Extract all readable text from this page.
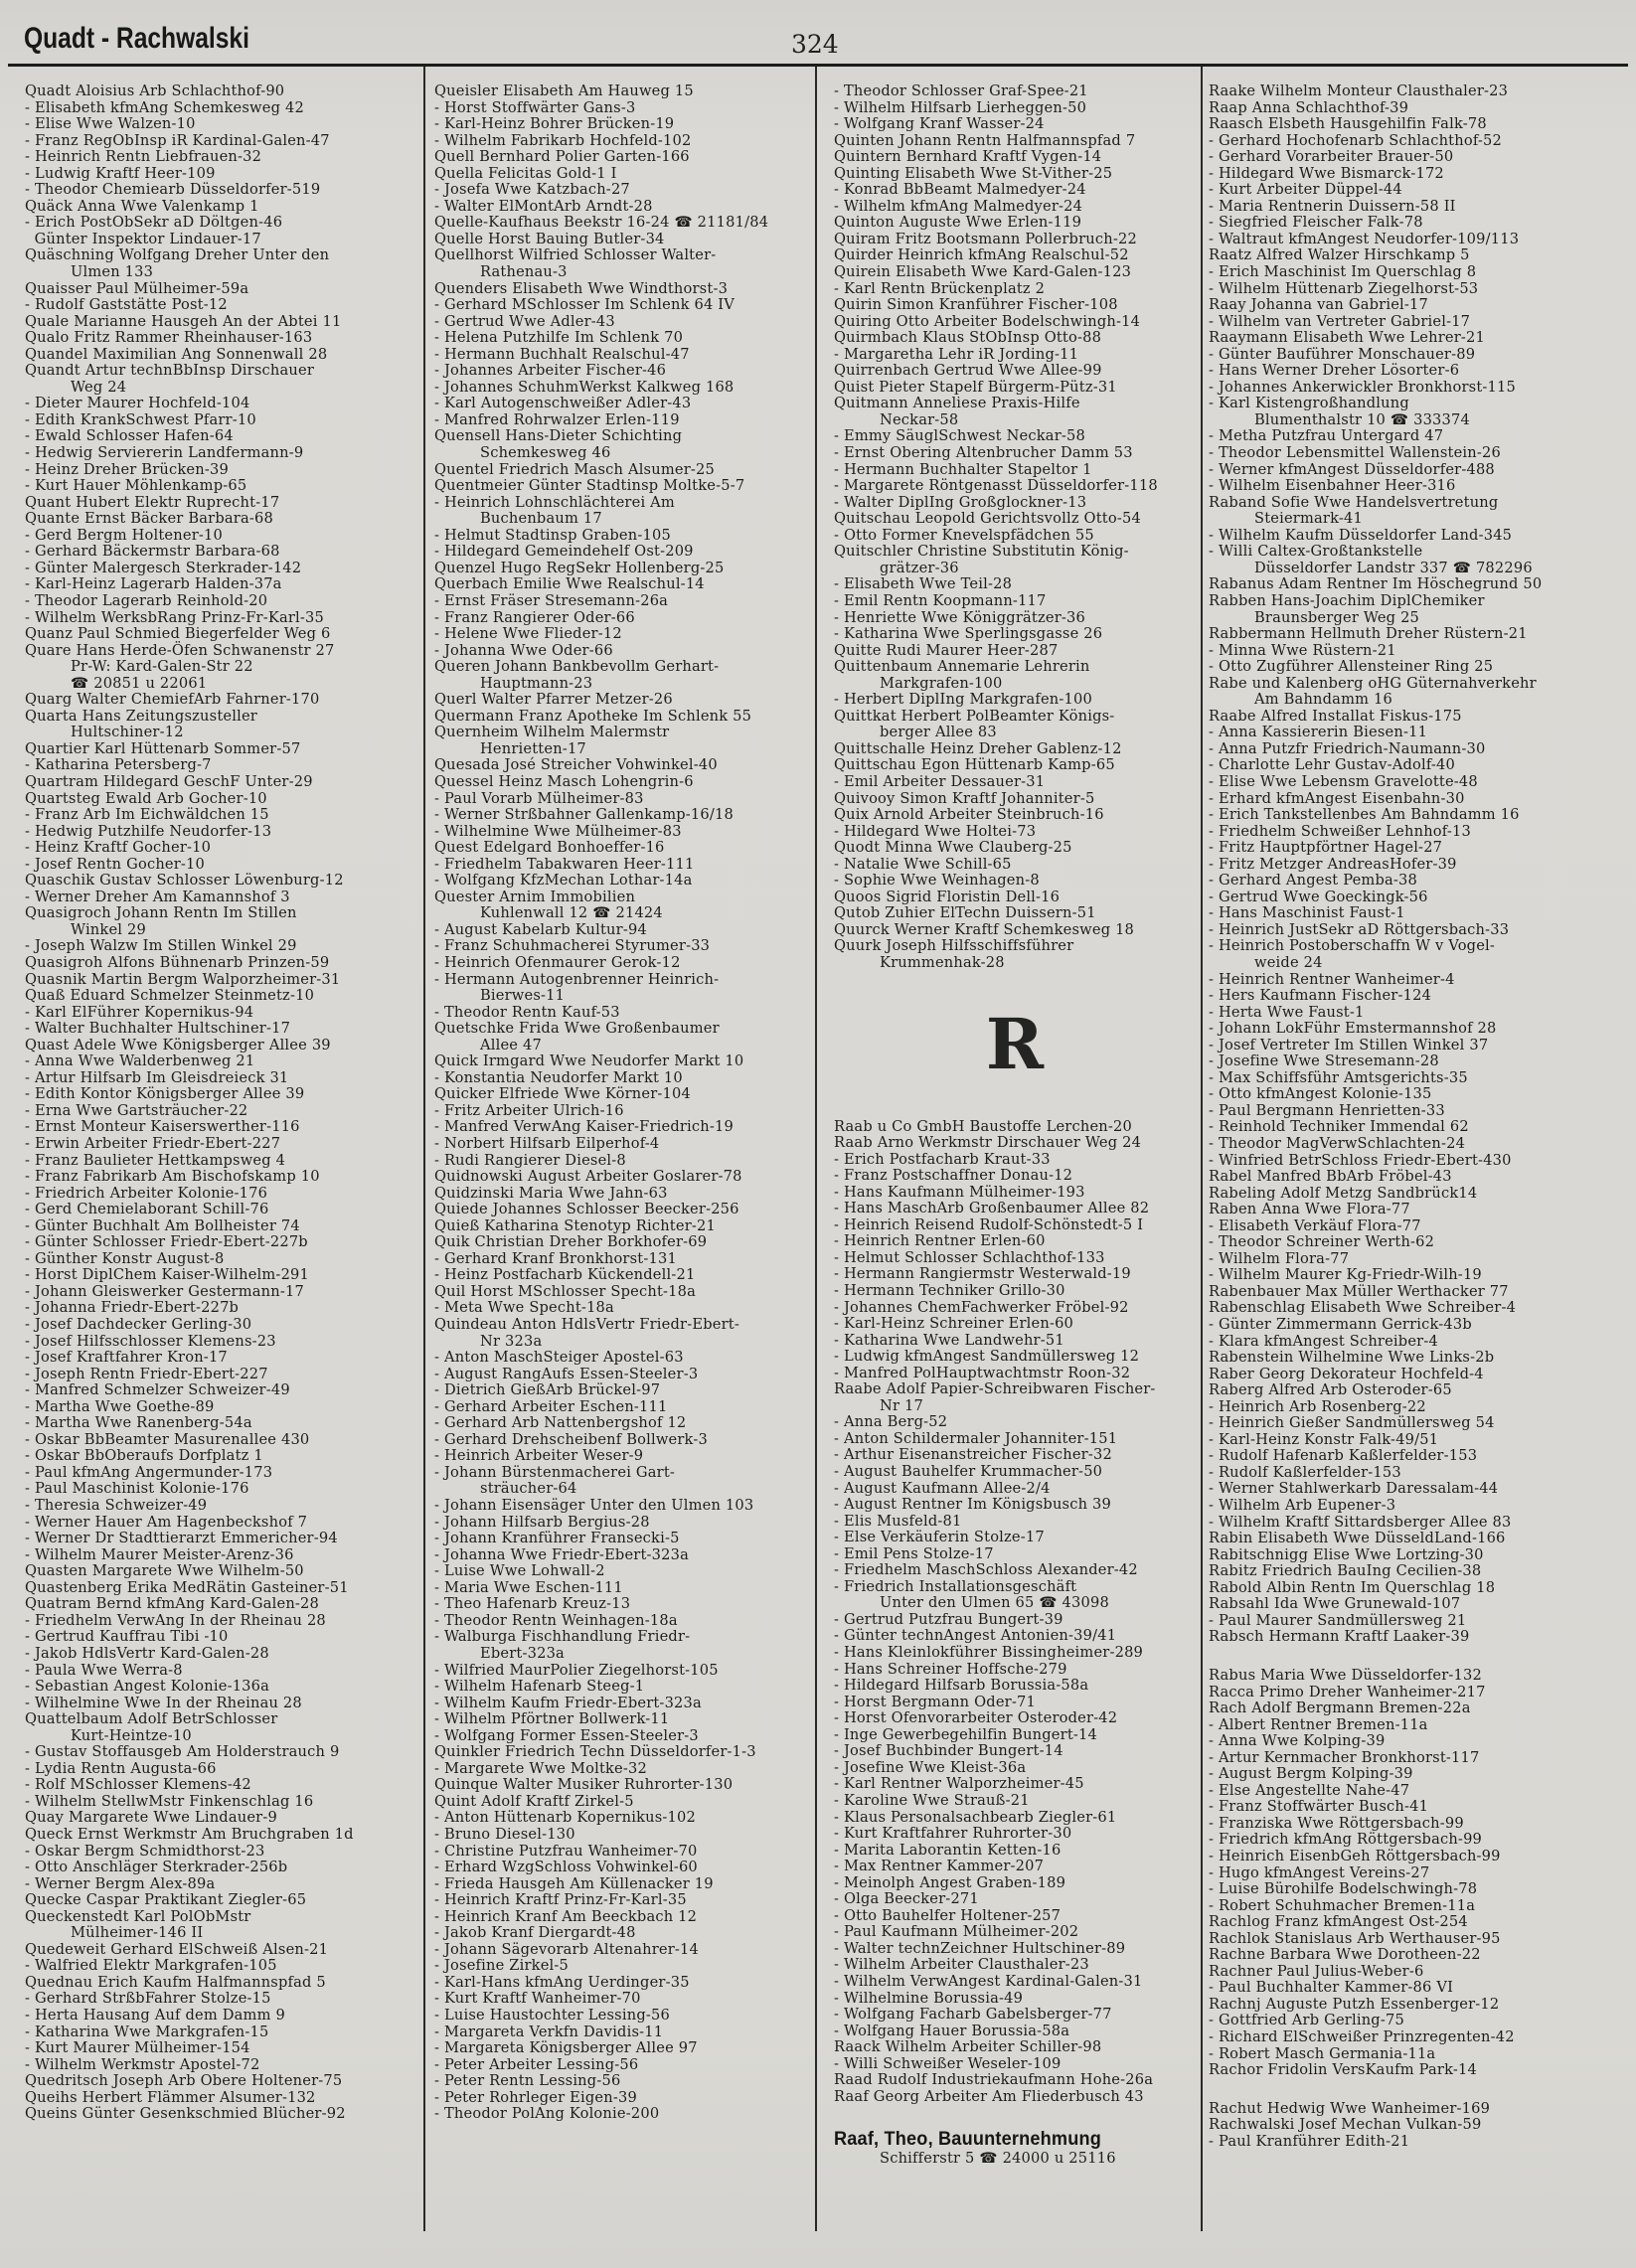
Quadt - Rachwalski	324
Quadt Aloisius Arb Schlachthof-90
- Elisabeth kfmAng Schemkesweg 42
- Elise Wwe Walzen-10
- Franz RegObInsp iR Kardinal-Galen-47
- Heinrich Rentn Liebfrauen-32
- Ludwig Kraftf Heer-109
- Theodor Chemiearb Düsseldorfer-519
Quäck Anna Wwe Valenkamp 1
- Erich PostObSekr aD Döltgen-46
Günter Inspektor Lindauer-17
Quäschning Wolfgang Dreher Unter den
Ulmen 133
Quaisser Paul Mülheimer-59a
- Rudolf Gaststätte Post-12
Quale Marianne Hausgeh An der Abtei 11
Qualo Fritz Rammer Rheinhauser-163
Quandel Maximilian Ang Sonnenwall 28
Quandt Artur technBbInsp Dirschauer
Weg 24
- Dieter Maurer Hochfeld-104
- Edith KrankSchwest Pfarr-10
- Ewald Schlosser Hafen-64
- Hedwig Serviererin Landfermann-9
- Heinz Dreher Brücken-39
- Kurt Hauer Möhlenkamp-65
Quant Hubert Elektr Ruprecht-17
Quante Ernst Bäcker Barbara-68
- Gerd Bergm Holtener-10
- Gerhard Bäckermstr Barbara-68
- Günter Malergesch Sterkrader-142
- Karl-Heinz Lagerarb Halden-37a
- Theodor Lagerarb Reinhold-20
- Wilhelm WerksbRang Prinz-Fr-Karl-35
Quanz Paul Schmied Biegerfelder Weg 6
Quare Hans Herde-Öfen Schwanenstr 27
Pr-W: Kard-Galen-Str 22
☎ 20851 u 22061
Quarg Walter ChemiefArb Fahrner-170
Quarta Hans Zeitungszusteller
Hultschiner-12
Quartier Karl Hüttenarb Sommer-57
- Katharina Petersberg-7
Quartram Hildegard GeschF Unter-29
Quartsteg Ewald Arb Gocher-10
- Franz Arb Im Eichwäldchen 15
- Hedwig Putzhilfe Neudorfer-13
- Heinz Kraftf Gocher-10
- Josef Rentn Gocher-10
Quaschik Gustav Schlosser Löwenburg-12
- Werner Dreher Am Kamannshof 3
Quasigroch Johann Rentn Im Stillen
Winkel 29
- Joseph Walzw Im Stillen Winkel 29
Quasigroh Alfons Bühnenarb Prinzen-59
Quasnik Martin Bergm Walporzheimer-31
Quaß Eduard Schmelzer Steinmetz-10
- Karl ElFührer Kopernikus-94
- Walter Buchhalter Hultschiner-17
Quast Adele Wwe Königsberger Allee 39
- Anna Wwe Walderbenweg 21
- Artur Hilfsarb Im Gleisdreieck 31
- Edith Kontor Königsberger Allee 39
- Erna Wwe Gartsträucher-22
- Ernst Monteur Kaiserswerther-116
- Erwin Arbeiter Friedr-Ebert-227
- Franz Baulieter Hettkampsweg 4
- Franz Fabrikarb Am Bischofskamp 10
- Friedrich Arbeiter Kolonie-176
- Gerd Chemielaborant Schill-76
- Günter Buchhalt Am Bollheister 74
- Günter Schlosser Friedr-Ebert-227b
- Günther Konstr August-8
- Horst DiplChem Kaiser-Wilhelm-291
- Johann Gleiswerker Gestermann-17
- Johanna Friedr-Ebert-227b
- Josef Dachdecker Gerling-30
- Josef Hilfsschlosser Klemens-23
- Josef Kraftfahrer Kron-17
- Joseph Rentn Friedr-Ebert-227
- Manfred Schmelzer Schweizer-49
- Martha Wwe Goethe-89
- Martha Wwe Ranenberg-54a
- Oskar BbBeamter Masurenallee 430
- Oskar BbOberaufs Dorfplatz 1
- Paul kfmAng Angermunder-173
- Paul Maschinist Kolonie-176
- Theresia Schweizer-49
- Werner Hauer Am Hagenbeckshof 7
- Werner Dr Stadttierarzt Emmericher-94
- Wilhelm Maurer Meister-Arenz-36
Quasten Margarete Wwe Wilhelm-50
Quastenberg Erika MedRätin Gasteiner-51
Quatram Bernd kfmAng Kard-Galen-28
- Friedhelm VerwAng In der Rheinau 28
- Gertrud Kauffrau Tibi -10
- Jakob HdlsVertr Kard-Galen-28
- Paula Wwe Werra-8
- Sebastian Angest Kolonie-136a
- Wilhelmine Wwe In der Rheinau 28
Quattelbaum Adolf BetrSchlosser
Kurt-Heintze-10
- Gustav Stoffausgeb Am Holderstrauch 9
- Lydia Rentn Augusta-66
- Rolf MSchlosser Klemens-42
- Wilhelm StellwMstr Finkenschlag 16
Quay Margarete Wwe Lindauer-9
Queck Ernst Werkmstr Am Bruchgraben 1d
- Oskar Bergm Schmidthorst-23
- Otto Anschläger Sterkrader-256b
- Werner Bergm Alex-89a
Quecke Caspar Praktikant Ziegler-65
Queckenstedt Karl PolObMstr
Mülheimer-146 II
Quedeweit Gerhard ElSchweiß Alsen-21
- Walfried Elektr Markgrafen-105
Quednau Erich Kaufm Halfmannspfad 5
- Gerhard StrßbFahrer Stolze-15
- Herta Hausang Auf dem Damm 9
- Katharina Wwe Markgrafen-15
- Kurt Maurer Mülheimer-154
- Wilhelm Werkmstr Apostel-72
Quedritsch Joseph Arb Obere Holtener-75
Queihs Herbert Flämmer Alsumer-132
Queins Günter Gesenkschmied Blücher-92
Queisler Elisabeth Am Hauweg 15
- Horst Stoffwärter Gans-3
- Karl-Heinz Bohrer Brücken-19
- Wilhelm Fabrikarb Hochfeld-102
Quell Bernhard Polier Garten-166
Quella Felicitas Gold-1 I
- Josefa Wwe Katzbach-27
- Walter ElMontArb Arndt-28
Quelle-Kaufhaus Beekstr 16-24 ☎ 21181/84
Quelle Horst Bauing Butler-34
Quellhorst Wilfried Schlosser Walter-
Rathenau-3
Quenders Elisabeth Wwe Windthorst-3
- Gerhard MSchlosser Im Schlenk 64 IV
- Gertrud Wwe Adler-43
- Helena Putzhilfe Im Schlenk 70
- Hermann Buchhalt Realschul-47
- Johannes Arbeiter Fischer-46
- Johannes SchuhmWerkst Kalkweg 168
- Karl Autogenschweißer Adler-43
- Manfred Rohrwalzer Erlen-119
Quensell Hans-Dieter Schichting
Schemkesweg 46
Quentel Friedrich Masch Alsumer-25
Quentmeier Günter Stadtinsp Moltke-5-7
- Heinrich Lohnschlächterei Am
Buchenbaum 17
- Helmut Stadtinsp Graben-105
- Hildegard Gemeindehelf Ost-209
Quenzel Hugo RegSekr Hollenberg-25
Querbach Emilie Wwe Realschul-14
- Ernst Fräser Stresemann-26a
- Franz Rangierer Oder-66
- Helene Wwe Flieder-12
- Johanna Wwe Oder-66
Queren Johann Bankbevollm Gerhart-
Hauptmann-23
Querl Walter Pfarrer Metzer-26
Quermann Franz Apotheke Im Schlenk 55
Quernheim Wilhelm Malermstr
Henrietten-17
Quesada José Streicher Vohwinkel-40
Quessel Heinz Masch Lohengrin-6
- Paul Vorarb Mülheimer-83
- Werner Strßbahner Gallenkamp-16/18
- Wilhelmine Wwe Mülheimer-83
Quest Edelgard Bonhoeffer-16
- Friedhelm Tabakwaren Heer-111
- Wolfgang KfzMechan Lothar-14a
Quester Arnim Immobilien
Kuhlenwall 12 ☎ 21424
- August Kabelarb Kultur-94
- Franz Schuhmacherei Styrumer-33
- Heinrich Ofenmaurer Gerok-12
- Hermann Autogenbrenner Heinrich-
Bierwes-11
- Theodor Rentn Kauf-53
Quetschke Frida Wwe Großenbaumer
Allee 47
Quick Irmgard Wwe Neudorfer Markt 10
- Konstantia Neudorfer Markt 10
Quicker Elfriede Wwe Körner-104
- Fritz Arbeiter Ulrich-16
- Manfred VerwAng Kaiser-Friedrich-19
- Norbert Hilfsarb Eilperhof-4
- Rudi Rangierer Diesel-8
Quidnowski August Arbeiter Goslarer-78
Quidzinski Maria Wwe Jahn-63
Quiede Johannes Schlosser Beecker-256
Quieß Katharina Stenotyp Richter-21
Quik Christian Dreher Borkhofer-69
- Gerhard Kranf Bronkhorst-131
- Heinz Postfacharb Kückendell-21
Quil Horst MSchlosser Specht-18a
- Meta Wwe Specht-18a
Quindeau Anton HdlsVertr Friedr-Ebert-
Nr 323a
- Anton MaschSteiger Apostel-63
- August RangAufs Essen-Steeler-3
- Dietrich GießArb Brückel-97
- Gerhard Arbeiter Eschen-111
- Gerhard Arb Nattenbergshof 12
- Gerhard Drehscheibenf Bollwerk-3
- Heinrich Arbeiter Weser-9
- Johann Bürstenmacherei Gart-
sträucher-64
- Johann Eisensäger Unter den Ulmen 103
- Johann Hilfsarb Bergius-28
- Johann Kranführer Fransecki-5
- Johanna Wwe Friedr-Ebert-323a
- Luise Wwe Lohwall-2
- Maria Wwe Eschen-111
- Theo Hafenarb Kreuz-13
- Theodor Rentn Weinhagen-18a
- Walburga Fischhandlung Friedr-
Ebert-323a
- Wilfried MaurPolier Ziegelhorst-105
- Wilhelm Hafenarb Steeg-1
- Wilhelm Kaufm Friedr-Ebert-323a
- Wilhelm Pförtner Bollwerk-11
- Wolfgang Former Essen-Steeler-3
Quinkler Friedrich Techn Düsseldorfer-1-3
- Margarete Wwe Moltke-32
Quinque Walter Musiker Ruhrorter-130
Quint Adolf Kraftf Zirkel-5
- Anton Hüttenarb Kopernikus-102
- Bruno Diesel-130
- Christine Putzfrau Wanheimer-70
- Erhard WzgSchloss Vohwinkel-60
- Frieda Hausgeh Am Küllenacker 19
- Heinrich Kraftf Prinz-Fr-Karl-35
- Heinrich Kranf Am Beeckbach 12
- Jakob Kranf Diergardt-48
- Johann Sägevorarb Altenahrer-14
- Josefine Zirkel-5
- Karl-Hans kfmAng Uerdinger-35
- Kurt Kraftf Wanheimer-70
- Luise Haustochter Lessing-56
- Margareta Verkfn Davidis-11
- Margareta Königsberger Allee 97
- Peter Arbeiter Lessing-56
- Peter Rentn Lessing-56
- Peter Rohrleger Eigen-39
- Theodor PolAng Kolonie-200
- Theodor Schlosser Graf-Spee-21
- Wilhelm Hilfsarb Lierheggen-50
- Wolfgang Kranf Wasser-24
Quinten Johann Rentn Halfmannspfad 7
Quintern Bernhard Kraftf Vygen-14
Quinting Elisabeth Wwe St-Vither-25
- Konrad BbBeamt Malmedyer-24
- Wilhelm kfmAng Malmedyer-24
Quinton Auguste Wwe Erlen-119
Quiram Fritz Bootsmann Pollerbruch-22
Quirder Heinrich kfmAng Realschul-52
Quirein Elisabeth Wwe Kard-Galen-123
- Karl Rentn Brückenplatz 2
Quirin Simon Kranführer Fischer-108
Quiring Otto Arbeiter Bodelschwingh-14
Quirmbach Klaus StObInsp Otto-88
- Margaretha Lehr iR Jording-11
Quirrenbach Gertrud Wwe Allee-99
Quist Pieter Stapelf Bürgerm-Pütz-31
Quitmann Anneliese Praxis-Hilfe
Neckar-58
- Emmy SäuglSchwest Neckar-58
- Ernst Obering Altenbrucher Damm 53
- Hermann Buchhalter Stapeltor 1
- Margarete Röntgenasst Düsseldorfer-118
- Walter DiplIng Großglockner-13
Quitschau Leopold Gerichtsvollz Otto-54
- Otto Former Knevelspfädchen 55
Quitschler Christine Substitutin König-
grätzer-36
- Elisabeth Wwe Teil-28
- Emil Rentn Koopmann-117
- Henriette Wwe Königgrätzer-36
- Katharina Wwe Sperlingsgasse 26
Quitte Rudi Maurer Heer-287
Quittenbaum Annemarie Lehrerin
Markgrafen-100
- Herbert DiplIng Markgrafen-100
Quittkat Herbert PolBeamter Königs-
berger Allee 83
Quittschalle Heinz Dreher Gablenz-12
Quittschau Egon Hüttenarb Kamp-65
- Emil Arbeiter Dessauer-31
Quivooy Simon Kraftf Johanniter-5
Quix Arnold Arbeiter Steinbruch-16
- Hildegard Wwe Holtei-73
Quodt Minna Wwe Clauberg-25
- Natalie Wwe Schill-65
- Sophie Wwe Weinhagen-8
Quoos Sigrid Floristin Dell-16
Qutob Zuhier ElTechn Duissern-51
Quurck Werner Kraftf Schemkesweg 18
Quurk Joseph Hilfsschiffsführer
Krummenhak-28
R
Raab u Co GmbH Baustoffe Lerchen-20
Raab Arno Werkmstr Dirschauer Weg 24
- Erich Postfacharb Kraut-33
- Franz Postschaffner Donau-12
- Hans Kaufmann Mülheimer-193
- Hans MaschArb Großenbaumer Allee 82
- Heinrich Reisend Rudolf-Schönstedt-5 I
- Heinrich Rentner Erlen-60
- Helmut Schlosser Schlachthof-133
- Hermann Rangiermstr Westerwald-19
- Hermann Techniker Grillo-30
- Johannes ChemFachwerker Fröbel-92
- Karl-Heinz Schreiner Erlen-60
- Katharina Wwe Landwehr-51
- Ludwig kfmAngest Sandmüllersweg 12
- Manfred PolHauptwachtmstr Roon-32
Raabe Adolf Papier-Schreibwaren Fischer-
Nr 17
- Anna Berg-52
- Anton Schildermaler Johanniter-151
- Arthur Eisenanstreicher Fischer-32
- August Bauhelfer Krummacher-50
- August Kaufmann Allee-2/4
- August Rentner Im Königsbusch 39
- Elis Musfeld-81
- Else Verkäuferin Stolze-17
- Emil Pens Stolze-17
- Friedhelm MaschSchloss Alexander-42
- Friedrich Installationsgeschäft
Unter den Ulmen 65 ☎ 43098
- Gertrud Putzfrau Bungert-39
- Günter technAngest Antonien-39/41
- Hans Kleinlokführer Bissingheimer-289
- Hans Schreiner Hoffsche-279
- Hildegard Hilfsarb Borussia-58a
- Horst Bergmann Oder-71
- Horst Ofenvorarbeiter Osteroder-42
- Inge Gewerbegehilfin Bungert-14
- Josef Buchbinder Bungert-14
- Josefine Wwe Kleist-36a
- Karl Rentner Walporzheimer-45
- Karoline Wwe Strauß-21
- Klaus Personalsachbearb Ziegler-61
- Kurt Kraftfahrer Ruhrorter-30
- Marita Laborantin Ketten-16
- Max Rentner Kammer-207
- Meinolph Angest Graben-189
- Olga Beecker-271
- Otto Bauhelfer Holtener-257
- Paul Kaufmann Mülheimer-202
- Walter technZeichner Hultschiner-89
- Wilhelm Arbeiter Clausthaler-23
- Wilhelm VerwAngest Kardinal-Galen-31
- Wilhelmine Borussia-49
- Wolfgang Facharb Gabelsberger-77
- Wolfgang Hauer Borussia-58a
Raack Wilhelm Arbeiter Schiller-98
- Willi Schweißer Weseler-109
Raad Rudolf Industriekaufmann Hohe-26a
Raaf Georg Arbeiter Am Fliederbusch 43
Raaf, Theo, Bauunternehmung
Schifferstr 5 ☎ 24000 u 25116
Raake Wilhelm Monteur Clausthaler-23
Raap Anna Schlachthof-39
Raasch Elsbeth Hausgehilfin Falk-78
- Gerhard Hochofenarb Schlachthof-52
- Gerhard Vorarbeiter Brauer-50
- Hildegard Wwe Bismarck-172
- Kurt Arbeiter Düppel-44
- Maria Rentnerin Duissern-58 II
- Siegfried Fleischer Falk-78
- Waltraut kfmAngest Neudorfer-109/113
Raatz Alfred Walzer Hirschkamp 5
- Erich Maschinist Im Querschlag 8
- Wilhelm Hüttenarb Ziegelhorst-53
Raay Johanna van Gabriel-17
- Wilhelm van Vertreter Gabriel-17
Raaymann Elisabeth Wwe Lehrer-21
- Günter Bauführer Monschauer-89
- Hans Werner Dreher Lösorter-6
- Johannes Ankerwickler Bronkhorst-115
- Karl Kistengroßhandlung
Blumenthalstr 10 ☎ 333374
- Metha Putzfrau Untergard 47
- Theodor Lebensmittel Wallenstein-26
- Werner kfmAngest Düsseldorfer-488
- Wilhelm Eisenbahner Heer-316
Raband Sofie Wwe Handelsvertretung
Steiermark-41
- Wilhelm Kaufm Düsseldorfer Land-345
- Willi Caltex-Großtankstelle
Düsseldorfer Landstr 337 ☎ 782296
Rabanus Adam Rentner Im Höschegrund 50
Rabben Hans-Joachim DiplChemiker
Braunsberger Weg 25
Rabbermann Hellmuth Dreher Rüstern-21
- Minna Wwe Rüstern-21
- Otto Zugführer Allensteiner Ring 25
Rabe und Kalenberg oHG Güternahverkehr
Am Bahndamm 16
Raabe Alfred Installat Fiskus-175
- Anna Kassiererin Biesen-11
- Anna Putzfr Friedrich-Naumann-30
- Charlotte Lehr Gustav-Adolf-40
- Elise Wwe Lebensm Gravelotte-48
- Erhard kfmAngest Eisenbahn-30
- Erich Tankstellenbes Am Bahndamm 16
- Friedhelm Schweißer Lehnhof-13
- Fritz Hauptpförtner Hagel-27
- Fritz Metzger AndreasHofer-39
- Gerhard Angest Pemba-38
- Gertrud Wwe Goeckingk-56
- Hans Maschinist Faust-1
- Heinrich JustSekr aD Röttgersbach-33
- Heinrich Postoberschaffn W v Vogel-
weide 24
- Heinrich Rentner Wanheimer-4
- Hers Kaufmann Fischer-124
- Herta Wwe Faust-1
- Johann LokFühr Emstermannshof 28
- Josef Vertreter Im Stillen Winkel 37
- Josefine Wwe Stresemann-28
- Max Schiffsführ Amtsgerichts-35
- Otto kfmAngest Kolonie-135
- Paul Bergmann Henrietten-33
- Reinhold Techniker Immendal 62
- Theodor MagVerwSchlachten-24
- Winfried BetrSchloss Friedr-Ebert-430
Rabel Manfred BbArb Fröbel-43
Rabeling Adolf Metzg Sandbrück14
Raben Anna Wwe Flora-77
- Elisabeth Verkäuf Flora-77
- Theodor Schreiner Werth-62
- Wilhelm Flora-77
- Wilhelm Maurer Kg-Friedr-Wilh-19
Rabenbauer Max Müller Werthacker 77
Rabenschlag Elisabeth Wwe Schreiber-4
- Günter Zimmermann Gerrick-43b
- Klara kfmAngest Schreiber-4
Rabenstein Wilhelmine Wwe Links-2b
Raber Georg Dekorateur Hochfeld-4
Raberg Alfred Arb Osteroder-65
- Heinrich Arb Rosenberg-22
- Heinrich Gießer Sandmüllersweg 54
- Karl-Heinz Konstr Falk-49/51
- Rudolf Hafenarb Kaßlerfelder-153
- Rudolf Kaßlerfelder-153
- Werner Stahlwerkarb Daressalam-44
- Wilhelm Arb Eupener-3
- Wilhelm Kraftf Sittardsberger Allee 83
Rabin Elisabeth Wwe DüsseldLand-166
Rabitschnigg Elise Wwe Lortzing-30
Rabitz Friedrich BauIng Cecilien-38
Rabold Albin Rentn Im Querschlag 18
Rabsahl Ida Wwe Grunewald-107
- Paul Maurer Sandmüllersweg 21
Rabsch Hermann Kraftf Laaker-39
Rabus Maria Wwe Düsseldorfer-132
Racca Primo Dreher Wanheimer-217
Rach Adolf Bergmann Bremen-22a
- Albert Rentner Bremen-11a
- Anna Wwe Kolping-39
- Artur Kernmacher Bronkhorst-117
- August Bergm Kolping-39
- Else Angestellte Nahe-47
- Franz Stoffwärter Busch-41
- Franziska Wwe Röttgersbach-99
- Friedrich kfmAng Röttgersbach-99
- Heinrich EisenbGeh Röttgersbach-99
- Hugo kfmAngest Vereins-27
- Luise Bürohilfe Bodelschwingh-78
- Robert Schuhmacher Bremen-11a
Rachlog Franz kfmAngest Ost-254
Rachlok Stanislaus Arb Werthauser-95
Rachne Barbara Wwe Dorotheen-22
Rachner Paul Julius-Weber-6
- Paul Buchhalter Kammer-86 VI
Rachnj Auguste Putzh Essenberger-12
- Gottfried Arb Gerling-75
- Richard ElSchweißer Prinzregenten-42
- Robert Masch Germania-11a
Rachor Fridolin VersKaufm Park-14
Rachut Hedwig Wwe Wanheimer-169
Rachwalski Josef Mechan Vulkan-59
- Paul Kranführer Edith-21
